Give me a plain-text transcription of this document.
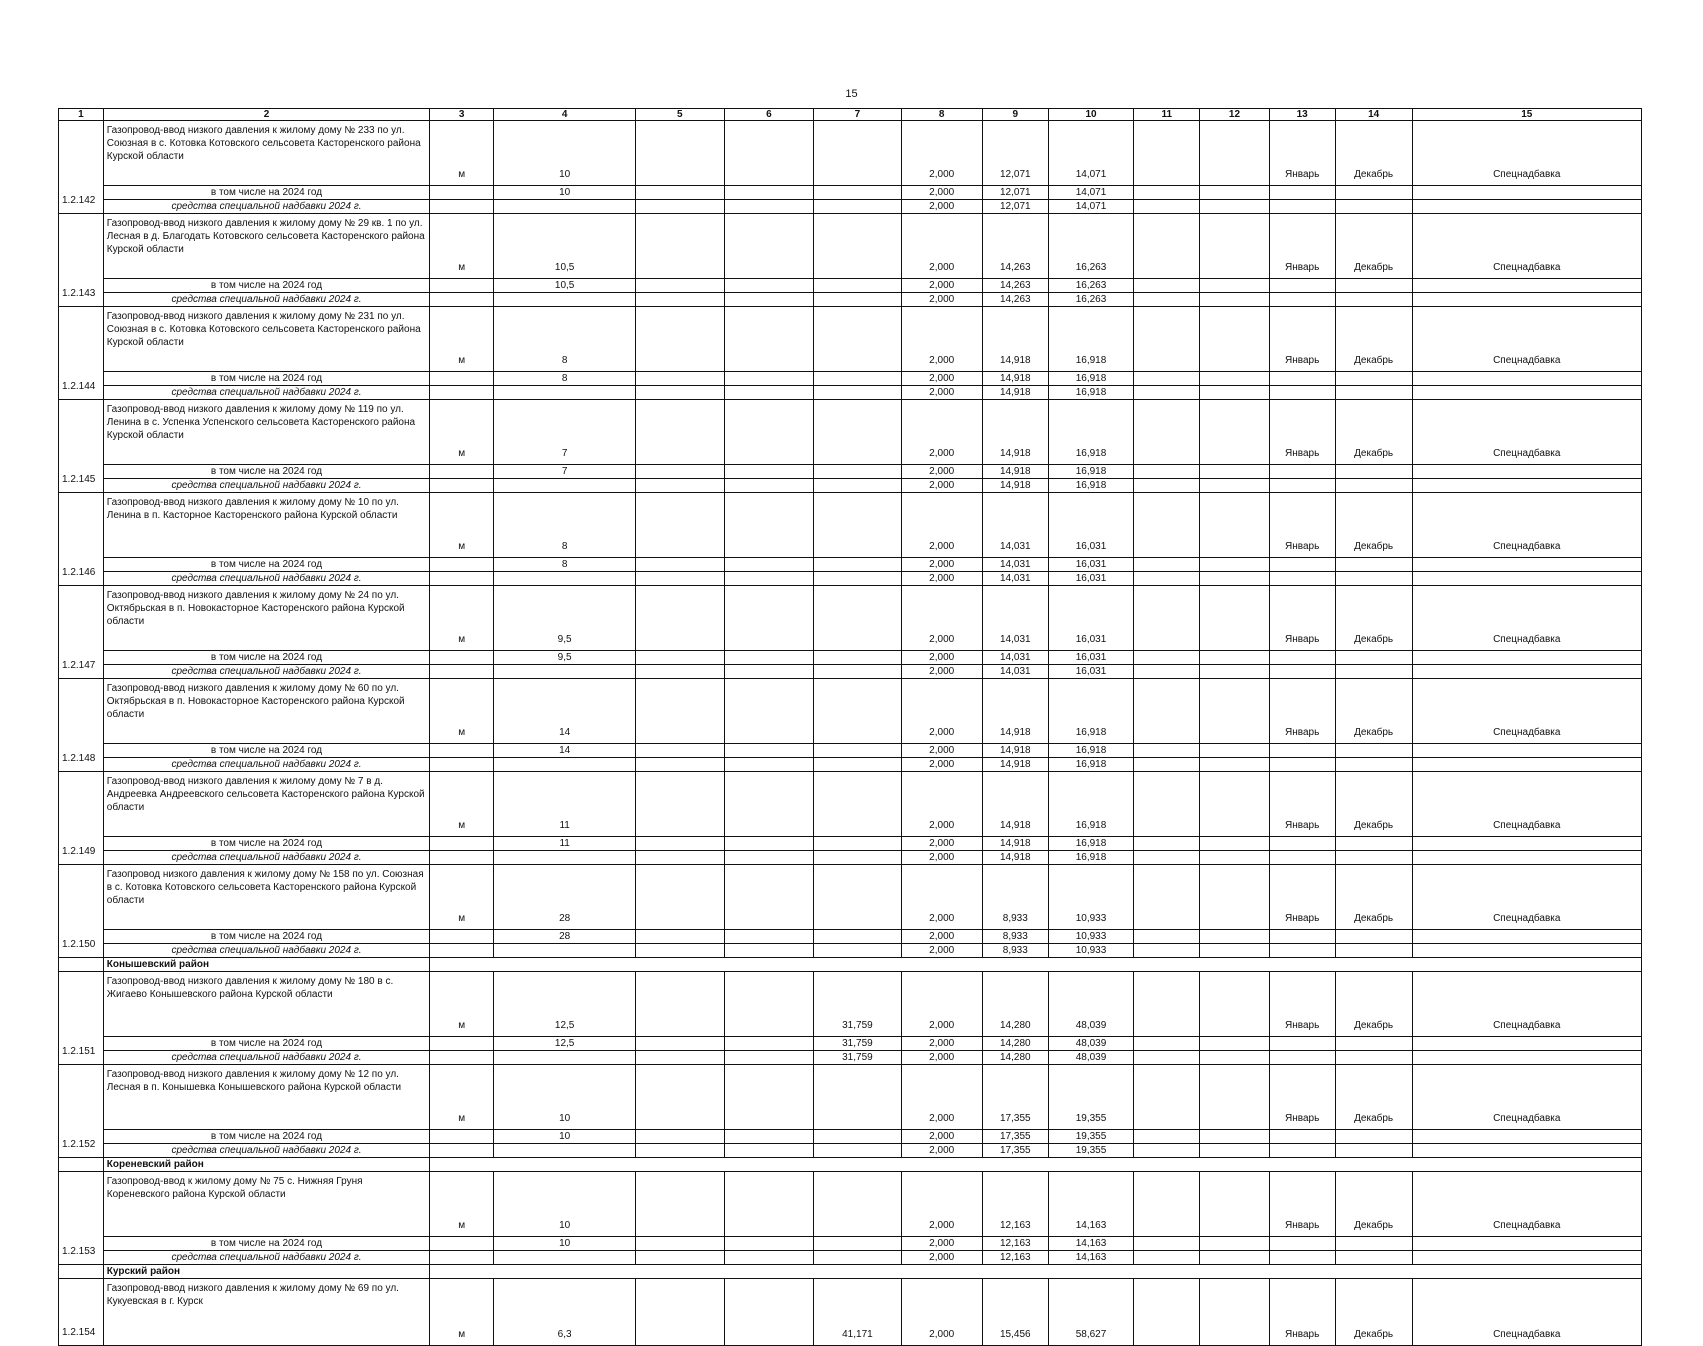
15
1	2	3	4	5	6	7	8	9	10	11	12	13	14	15
1.2.142	Газопровод-ввод низкого давления к жилому дому № 233 по ул. Союзная в с. Котовка Котовского сельсовета Касторенского района Курской области	м	10				2,000	12,071	14,071			Январь	Декабрь	Спецнадбавка
	в том числе на 2024 год		10				2,000	12,071	14,071					
	средства специальной надбавки 2024 г.						2,000	12,071	14,071					
1.2.143	Газопровод-ввод низкого давления к жилому дому № 29 кв. 1 по ул. Лесная в д. Благодать Котовского сельсовета Касторенского района Курской области	м	10,5				2,000	14,263	16,263			Январь	Декабрь	Спецнадбавка
	в том числе на 2024 год		10,5				2,000	14,263	16,263					
	средства специальной надбавки 2024 г.						2,000	14,263	16,263					
1.2.144	Газопровод-ввод низкого давления к жилому дому № 231 по ул. Союзная в с. Котовка Котовского сельсовета Касторенского района Курской области	м	8				2,000	14,918	16,918			Январь	Декабрь	Спецнадбавка
	в том числе на 2024 год		8				2,000	14,918	16,918					
	средства специальной надбавки 2024 г.						2,000	14,918	16,918					
1.2.145	Газопровод-ввод низкого давления к жилому дому № 119 по ул. Ленина в с. Успенка Успенского сельсовета Касторенского района Курской области	м	7				2,000	14,918	16,918			Январь	Декабрь	Спецнадбавка
	в том числе на 2024 год		7				2,000	14,918	16,918					
	средства специальной надбавки 2024 г.						2,000	14,918	16,918					
1.2.146	Газопровод-ввод низкого давления к жилому дому № 10 по ул. Ленина в п. Касторное Касторенского района Курской области	м	8				2,000	14,031	16,031			Январь	Декабрь	Спецнадбавка
	в том числе на 2024 год		8				2,000	14,031	16,031					
	средства специальной надбавки 2024 г.						2,000	14,031	16,031					
1.2.147	Газопровод-ввод низкого давления к жилому дому № 24 по ул. Октябрьская в п. Новокасторное Касторенского района Курской области	м	9,5				2,000	14,031	16,031			Январь	Декабрь	Спецнадбавка
	в том числе на 2024 год		9,5				2,000	14,031	16,031					
	средства специальной надбавки 2024 г.						2,000	14,031	16,031					
1.2.148	Газопровод-ввод низкого давления к жилому дому № 60 по ул. Октябрьская в п. Новокасторное Касторенского района Курской области	м	14				2,000	14,918	16,918			Январь	Декабрь	Спецнадбавка
	в том числе на 2024 год		14				2,000	14,918	16,918					
	средства специальной надбавки 2024 г.						2,000	14,918	16,918					
1.2.149	Газопровод-ввод низкого давления к жилому дому № 7 в д. Андреевка Андреевского сельсовета Касторенского района Курской области	м	11				2,000	14,918	16,918			Январь	Декабрь	Спецнадбавка
	в том числе на 2024 год		11				2,000	14,918	16,918					
	средства специальной надбавки 2024 г.						2,000	14,918	16,918					
1.2.150	Газопровод низкого давления к жилому дому № 158 по ул. Союзная в с. Котовка Котовского сельсовета Касторенского района Курской области	м	28				2,000	8,933	10,933			Январь	Декабрь	Спецнадбавка
	в том числе на 2024 год		28				2,000	8,933	10,933					
	средства специальной надбавки 2024 г.						2,000	8,933	10,933					
	Конышевский район													
1.2.151	Газопровод-ввод низкого давления к жилому дому № 180 в с. Жигаево Конышевского района Курской области	м	12,5			31,759	2,000	14,280	48,039			Январь	Декабрь	Спецнадбавка
	в том числе на 2024 год		12,5			31,759	2,000	14,280	48,039					
	средства специальной надбавки 2024 г.					31,759	2,000	14,280	48,039					
1.2.152	Газопровод-ввод низкого давления к жилому дому № 12 по ул. Лесная в п. Конышевка Конышевского района Курской области	м	10				2,000	17,355	19,355			Январь	Декабрь	Спецнадбавка
	в том числе на 2024 год		10				2,000	17,355	19,355					
	средства специальной надбавки 2024 г.						2,000	17,355	19,355					
	Кореневский район													
1.2.153	Газопровод-ввод к жилому дому № 75 с. Нижняя Груня Кореневского района Курской области	м	10				2,000	12,163	14,163			Январь	Декабрь	Спецнадбавка
	в том числе на 2024 год		10				2,000	12,163	14,163					
	средства специальной надбавки 2024 г.						2,000	12,163	14,163					
	Курский район													
1.2.154	Газопровод-ввод низкого давления к жилому дому № 69 по ул. Кукуевская в г. Курск	м	6,3			41,171	2,000	15,456	58,627			Январь	Декабрь	Спецнадбавка
